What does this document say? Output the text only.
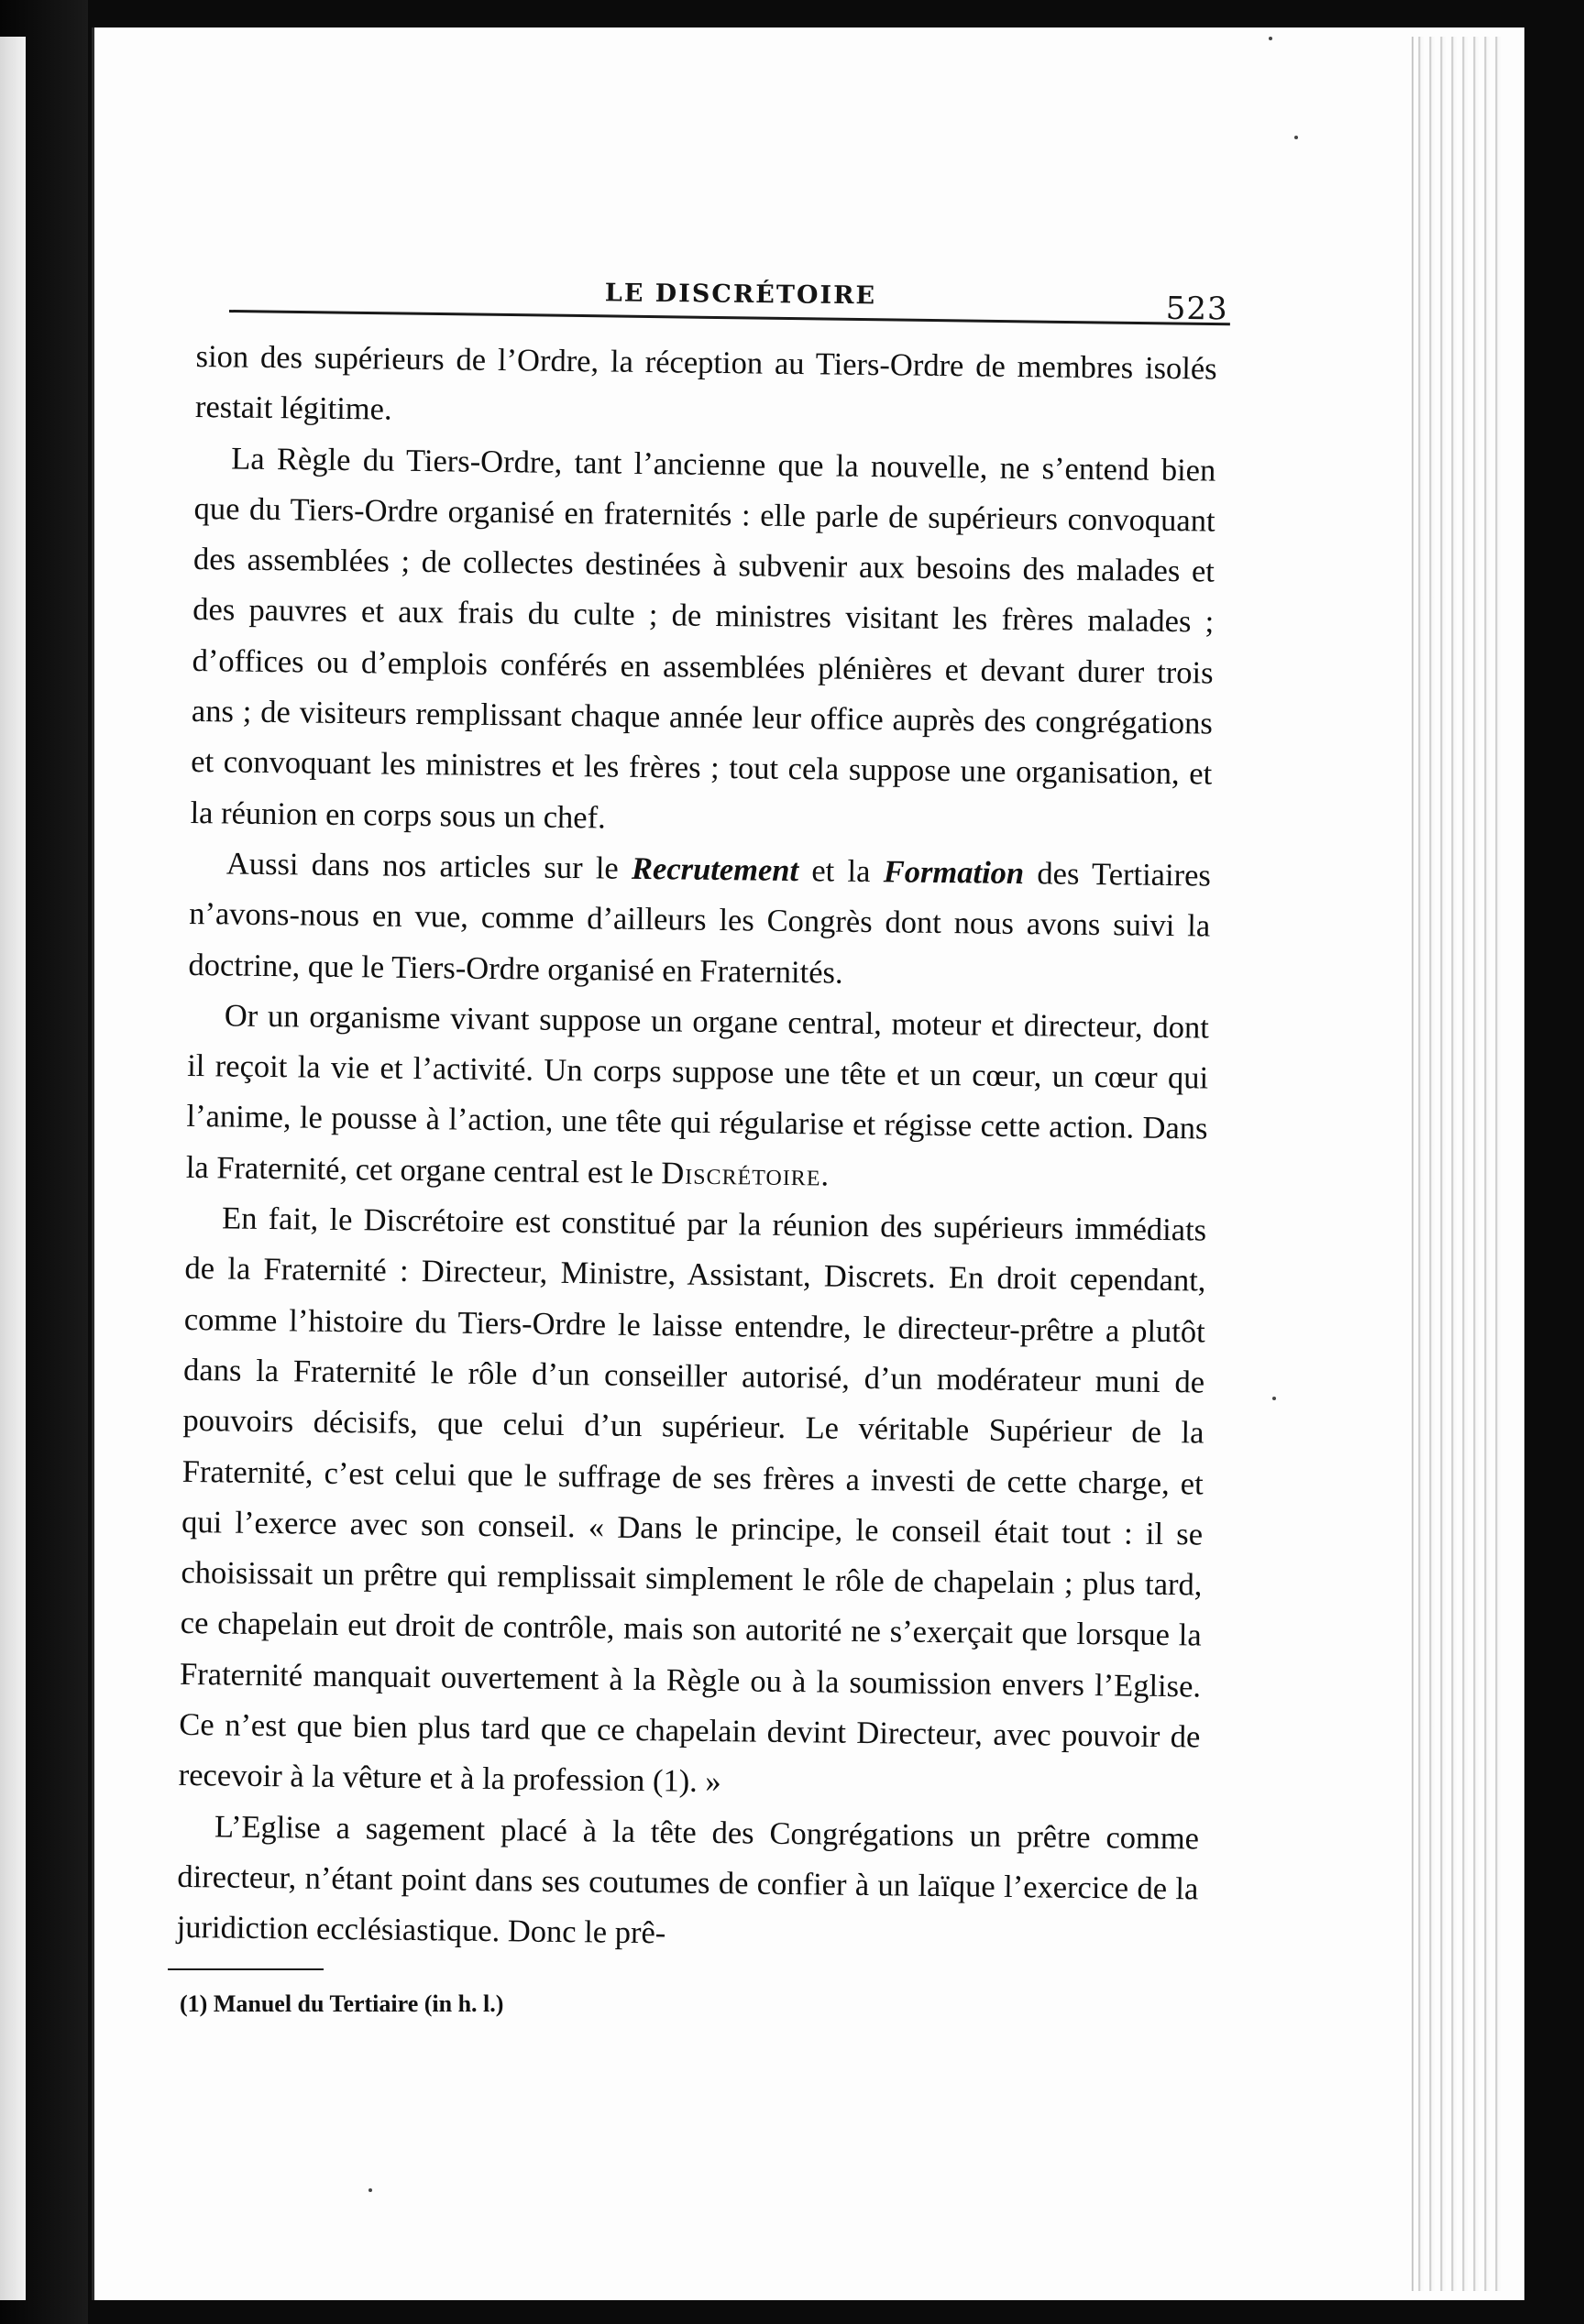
LE DISCRÉTOIRE	523

sion des supérieurs de l’Ordre, la réception au Tiers-Ordre de membres isolés restait légitime.

La Règle du Tiers-Ordre, tant l’ancienne que la nouvelle, ne s’entend bien que du Tiers-Ordre organisé en fraternités : elle parle de supérieurs convoquant des assemblées ; de collectes destinées à subvenir aux besoins des malades et des pauvres et aux frais du culte ; de ministres visitant les frères malades ; d’offices ou d’emplois conférés en assemblées plénières et devant durer trois ans ; de visiteurs remplissant chaque année leur office auprès des congrégations et convoquant les ministres et les frères ; tout cela suppose une organisation, et la réunion en corps sous un chef.

Aussi dans nos articles sur le Recrutement et la Formation des Tertiaires n’avons-nous en vue, comme d’ailleurs les Congrès dont nous avons suivi la doctrine, que le Tiers-Ordre organisé en Fraternités.

Or un organisme vivant suppose un organe central, moteur et directeur, dont il reçoit la vie et l’activité. Un corps suppose une tête et un cœur, un cœur qui l’anime, le pousse à l’action, une tête qui régularise et régisse cette action. Dans la Fraternité, cet organe central est le Discrétoire.

En fait, le Discrétoire est constitué par la réunion des supérieurs immédiats de la Fraternité : Directeur, Ministre, Assistant, Discrets. En droit cependant, comme l’histoire du Tiers-Ordre le laisse entendre, le directeur-prêtre a plutôt dans la Fraternité le rôle d’un conseiller autorisé, d’un modérateur muni de pouvoirs décisifs, que celui d’un supérieur. Le véritable Supérieur de la Fraternité, c’est celui que le suffrage de ses frères a investi de cette charge, et qui l’exerce avec son conseil. « Dans le principe, le conseil était tout : il se choisissait un prêtre qui remplissait simplement le rôle de chapelain ; plus tard, ce chapelain eut droit de contrôle, mais son autorité ne s’exerçait que lorsque la Fraternité manquait ouvertement à la Règle ou à la soumission envers l’Eglise. Ce n’est que bien plus tard que ce chapelain devint Directeur, avec pouvoir de recevoir à la vêture et à la profession (1). »

L’Eglise a sagement placé à la tête des Congrégations un prêtre comme directeur, n’étant point dans ses coutumes de confier à un laïque l’exercice de la juridiction ecclésiastique. Donc le prê-

(1) Manuel du Tertiaire (in h. l.)
